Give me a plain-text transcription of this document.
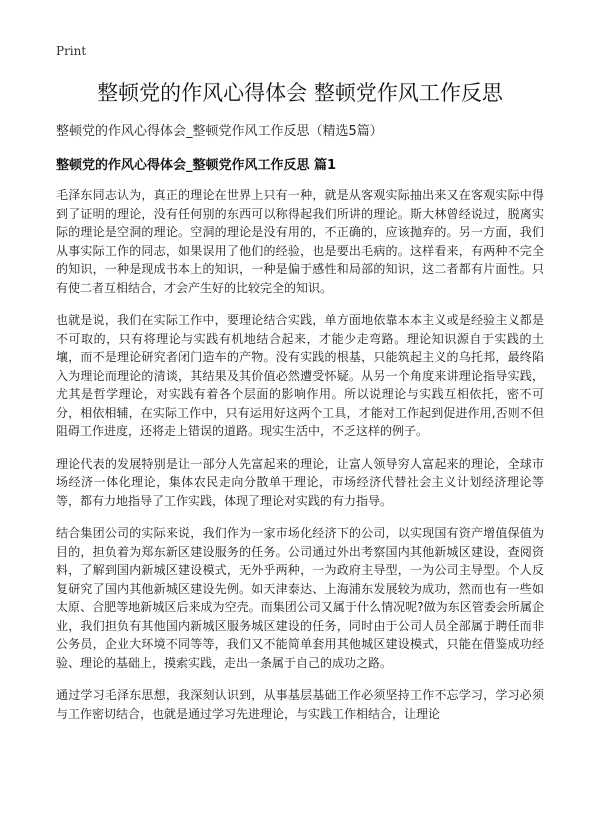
Print
整顿党的作风心得体会 整顿党作风工作反思
整顿党的作风心得体会_整顿党作风工作反思（精选5篇）
整顿党的作风心得体会_整顿党作风工作反思 篇1

毛泽东同志认为，真正的理论在世界上只有一种，就是从客观实际抽出来又在客观实际中得到了证明的理论，没有任何别的东西可以称得起我们所讲的理论。斯大林曾经说过，脱离实际的理论是空洞的理论。空洞的理论是没有用的，不正确的，应该抛弃的。另一方面，我们从事实际工作的同志，如果误用了他们的经验，也是要出毛病的。这样看来，有两种不完全的知识，一种是现成书本上的知识，一种是偏于感性和局部的知识，这二者都有片面性。只有使二者互相结合，才会产生好的比较完全的知识。

也就是说，我们在实际工作中，要理论结合实践，单方面地依靠本本主义或是经验主义都是不可取的，只有将理论与实践有机地结合起来，才能少走弯路。理论知识源自于实践的土壤，而不是理论研究者闭门造车的产物。没有实践的根基，只能筑起主义的乌托邦，最终陷入为理论而理论的清谈，其结果及其价值必然遭受怀疑。从另一个角度来讲理论指导实践，尤其是哲学理论，对实践有着各个层面的影响作用。所以说理论与实践互相依托，密不可分，相依相辅，在实际工作中，只有运用好这两个工具，才能对工作起到促进作用,否则不但阻碍工作进度，还将走上错误的道路。现实生活中，不乏这样的例子。

理论代表的发展特别是让一部分人先富起来的理论，让富人领导穷人富起来的理论，全球市场经济一体化理论，集体农民走向分散单干理论，市场经济代替社会主义计划经济理论等等，都有力地指导了工作实践，体现了理论对实践的有力指导。

结合集团公司的实际来说，我们作为一家市场化经济下的公司，以实现国有资产增值保值为目的，担负着为郑东新区建设服务的任务。公司通过外出考察国内其他新城区建设，查阅资料，了解到国内新城区建设模式，无外乎两种，一为政府主导型，一为公司主导型。个人反复研究了国内其他新城区建设先例。如天津泰达、上海浦东发展较为成功，然而也有一些如太原、合肥等地新城区后来成为空壳。而集团公司又属于什么情况呢?做为东区管委会所属企业，我们担负有其他国内新城区服务城区建设的任务，同时由于公司人员全部属于聘任而非公务员，企业大环境不同等等，我们又不能简单套用其他城区建设模式，只能在借鉴成功经验、理论的基础上，摸索实践，走出一条属于自己的成功之路。

通过学习毛泽东思想，我深刻认识到，从事基层基础工作必须坚持工作不忘学习，学习必须与工作密切结合，也就是通过学习先进理论，与实践工作相结合，让理论
